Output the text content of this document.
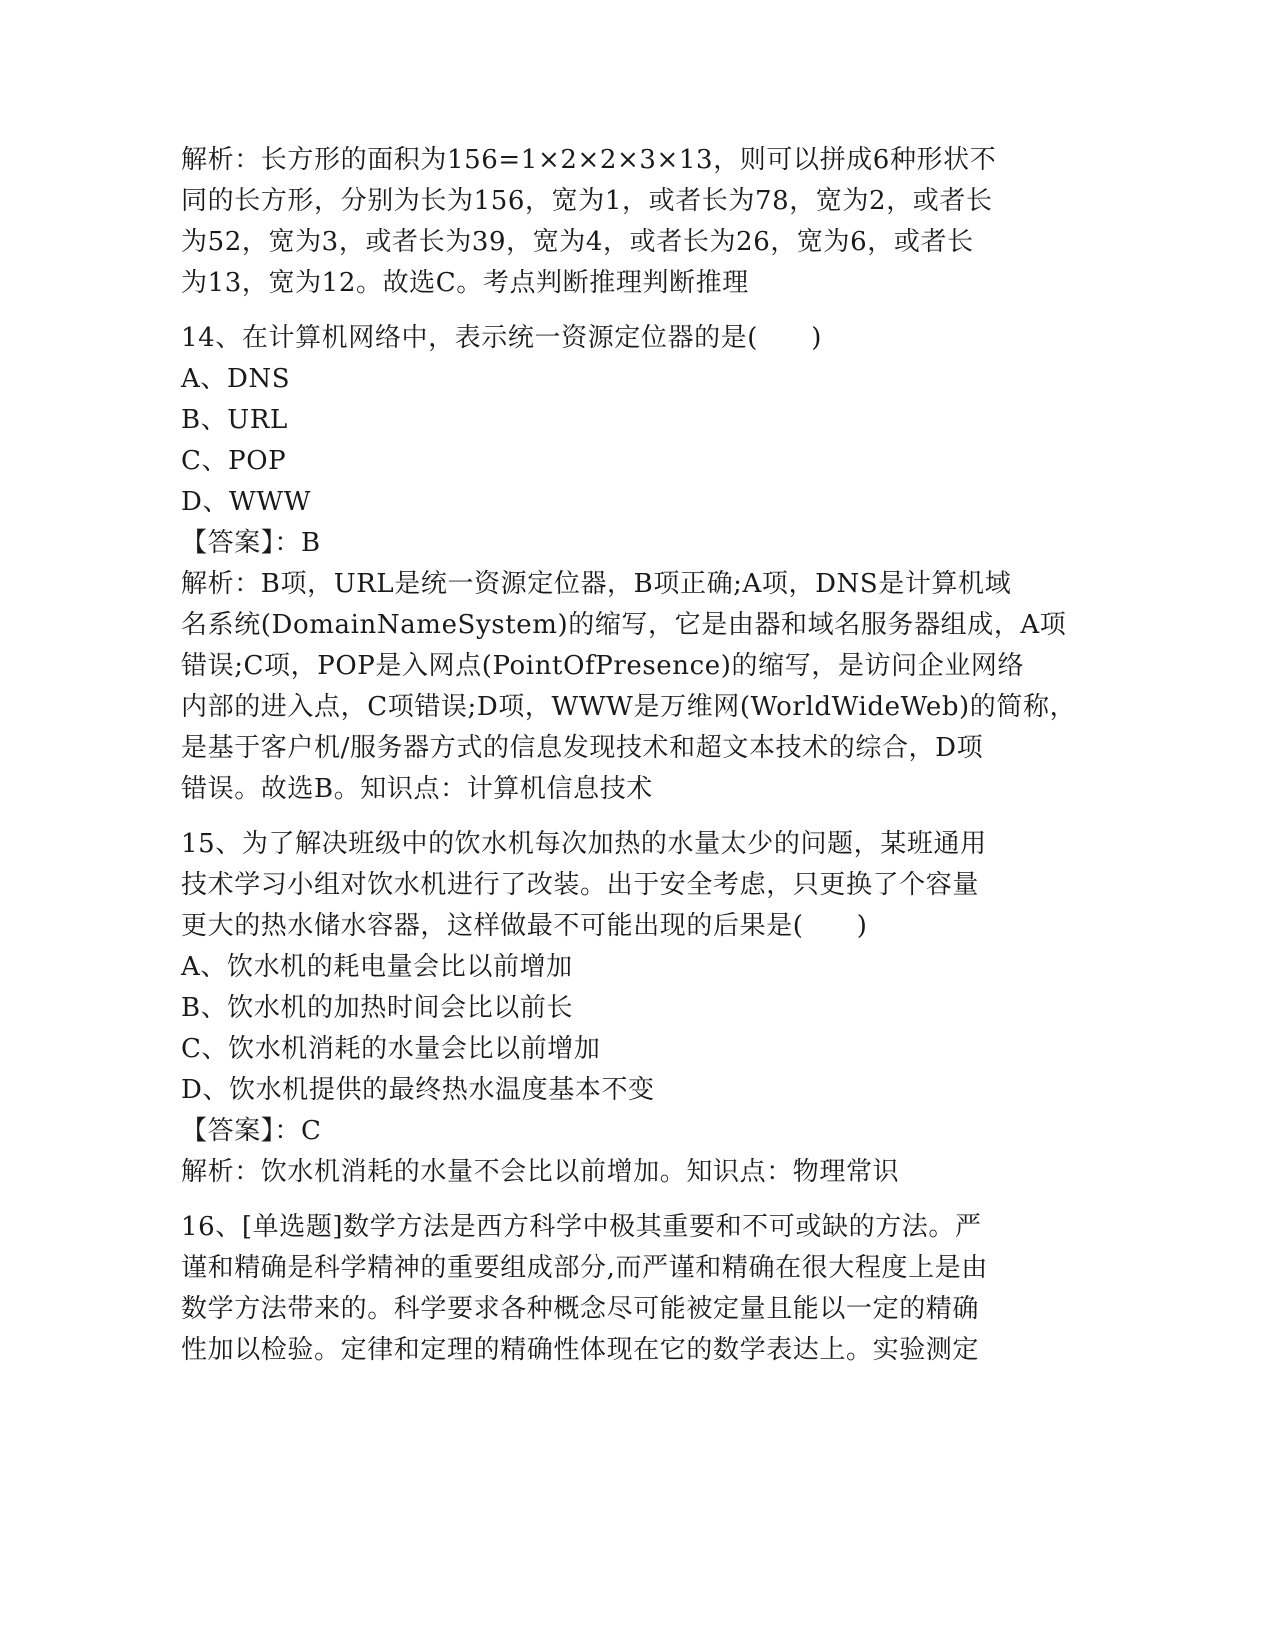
解析：长方形的面积为156=1×2×2×3×13，则可以拼成6种形状不
同的长方形，分别为长为156，宽为1，或者长为78，宽为2，或者长
为52，宽为3，或者长为39，宽为4，或者长为26，宽为6，或者长
为13，宽为12。故选C。考点判断推理判断推理
14、在计算机网络中，表示统一资源定位器的是(　　)
A、DNS
B、URL
C、POP
D、WWW
【答案】：B
解析：B项，URL是统一资源定位器，B项正确;A项，DNS是计算机域
名系统(DomainNameSystem)的缩写，它是由器和域名服务器组成，A项
错误;C项，POP是入网点(PointOfPresence)的缩写，是访问企业网络
内部的进入点，C项错误;D项，WWW是万维网(WorldWideWeb)的简称，
是基于客户机/服务器方式的信息发现技术和超文本技术的综合，D项
错误。故选B。知识点：计算机信息技术
15、为了解决班级中的饮水机每次加热的水量太少的问题，某班通用
技术学习小组对饮水机进行了改装。出于安全考虑，只更换了个容量
更大的热水储水容器，这样做最不可能出现的后果是(　　)
A、饮水机的耗电量会比以前增加
B、饮水机的加热时间会比以前长
C、饮水机消耗的水量会比以前增加
D、饮水机提供的最终热水温度基本不变
【答案】：C
解析：饮水机消耗的水量不会比以前增加。知识点：物理常识
16、[单选题]数学方法是西方科学中极其重要和不可或缺的方法。严
谨和精确是科学精神的重要组成部分,而严谨和精确在很大程度上是由
数学方法带来的。科学要求各种概念尽可能被定量且能以一定的精确
性加以检验。定律和定理的精确性体现在它的数学表达上。实验测定
